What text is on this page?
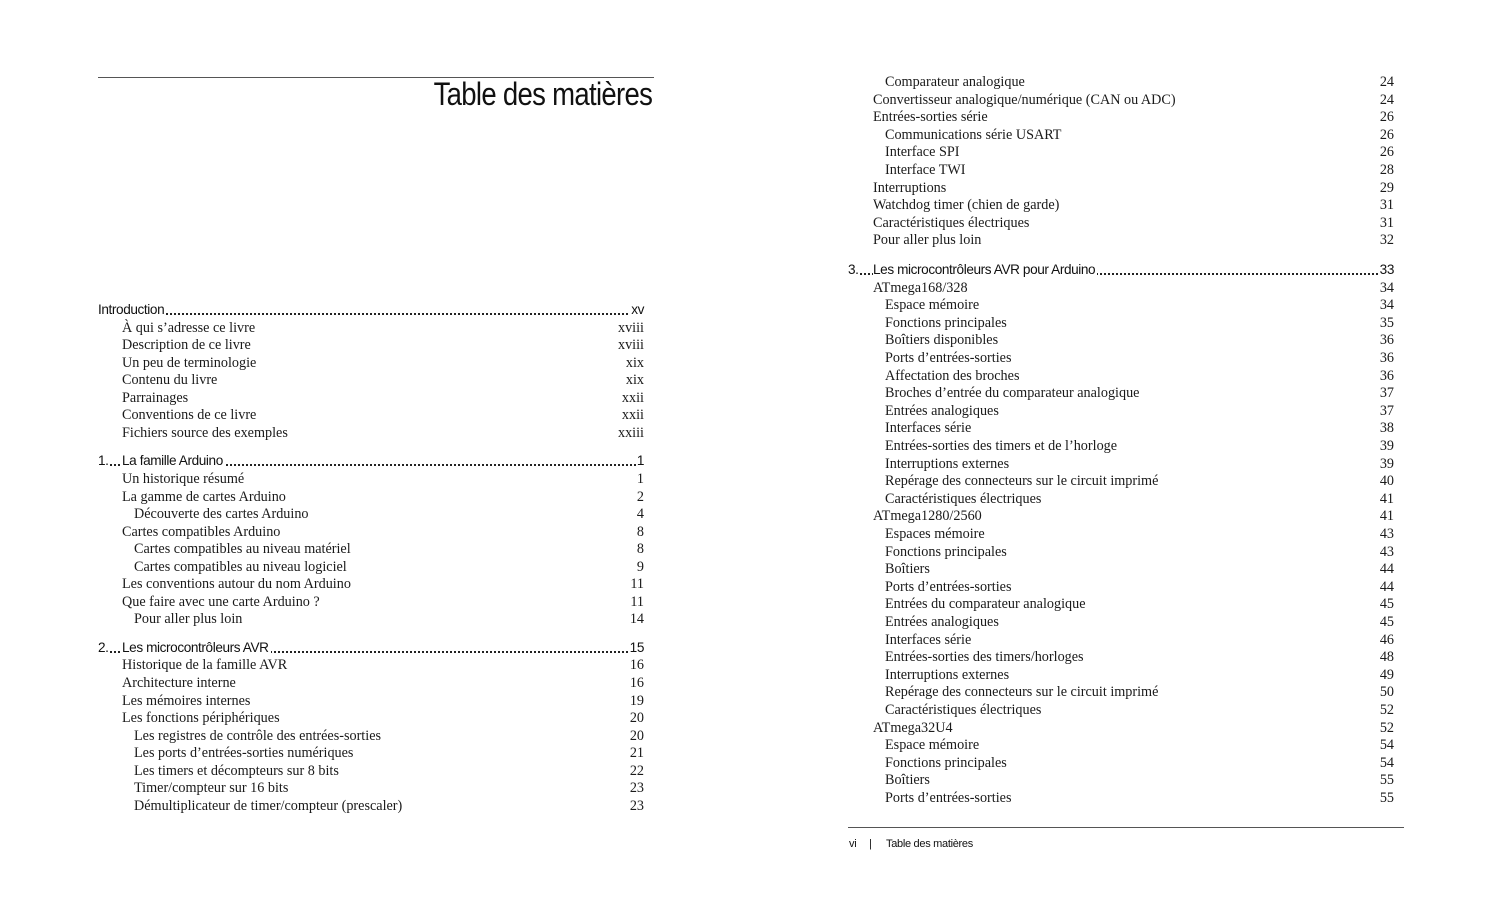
Table des matières
Introduction	xv
À qui s’adresse ce livre	xviii
Description de ce livre	xviii
Un peu de terminologie	xix
Contenu du livre	xix
Parrainages	xxii
Conventions de ce livre	xxii
Fichiers source des exemples	xxiii
1. La famille Arduino	1
Un historique résumé	1
La gamme de cartes Arduino	2
Découverte des cartes Arduino	4
Cartes compatibles Arduino	8
Cartes compatibles au niveau matériel	8
Cartes compatibles au niveau logiciel	9
Les conventions autour du nom Arduino	11
Que faire avec une carte Arduino ?	11
Pour aller plus loin	14
2. Les microcontrôleurs AVR	15
Historique de la famille AVR	16
Architecture interne	16
Les mémoires internes	19
Les fonctions périphériques	20
Les registres de contrôle des entrées-sorties	20
Les ports d’entrées-sorties numériques	21
Les timers et décompteurs sur 8 bits	22
Timer/compteur sur 16 bits	23
Démultiplicateur de timer/compteur (prescaler)	23
Comparateur analogique	24
Convertisseur analogique/numérique (CAN ou ADC)	24
Entrées-sorties série	26
Communications série USART	26
Interface SPI	26
Interface TWI	28
Interruptions	29
Watchdog timer (chien de garde)	31
Caractéristiques électriques	31
Pour aller plus loin	32
3. Les microcontrôleurs AVR pour Arduino	33
ATmega168/328	34
Espace mémoire	34
Fonctions principales	35
Boîtiers disponibles	36
Ports d’entrées-sorties	36
Affectation des broches	36
Broches d’entrée du comparateur analogique	37
Entrées analogiques	37
Interfaces série	38
Entrées-sorties des timers et de l’horloge	39
Interruptions externes	39
Repérage des connecteurs sur le circuit imprimé	40
Caractéristiques électriques	41
ATmega1280/2560	41
Espaces mémoire	43
Fonctions principales	43
Boîtiers	44
Ports d’entrées-sorties	44
Entrées du comparateur analogique	45
Entrées analogiques	45
Interfaces série	46
Entrées-sorties des timers/horloges	48
Interruptions externes	49
Repérage des connecteurs sur le circuit imprimé	50
Caractéristiques électriques	52
ATmega32U4	52
Espace mémoire	54
Fonctions principales	54
Boîtiers	55
Ports d’entrées-sorties	55
vi | Table des matières
